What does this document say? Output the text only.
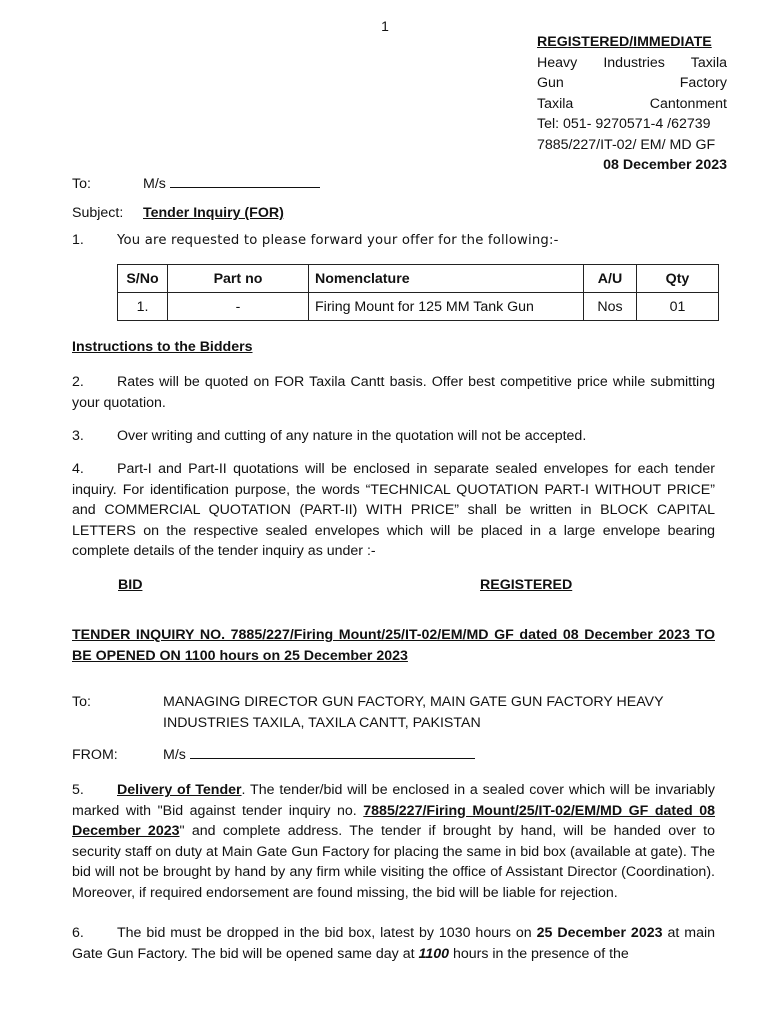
1
REGISTERED/IMMEDIATE
Heavy Industries Taxila
Gun Factory
Taxila Cantonment
Tel: 051- 9270571-4 /62739
7885/227/IT-02/ EM/ MD GF
08 December 2023
To:	M/s
Subject: Tender Inquiry (FOR)
1.	You are requested to please forward your offer for the following:-
S/No	Part no	Nomenclature	A/U	Qty
1.	-	Firing Mount for 125 MM Tank Gun	Nos	01
Instructions to the Bidders
2. Rates will be quoted on FOR Taxila Cantt basis. Offer best competitive price while submitting your quotation.
3. Over writing and cutting of any nature in the quotation will not be accepted.
4. Part-I and Part-II quotations will be enclosed in separate sealed envelopes for each tender inquiry. For identification purpose, the words “TECHNICAL QUOTATION PART-I WITHOUT PRICE” and COMMERCIAL QUOTATION (PART-II) WITH PRICE” shall be written in BLOCK CAPITAL LETTERS on the respective sealed envelopes which will be placed in a large envelope bearing complete details of the tender inquiry as under :-
BID	REGISTERED
TENDER INQUIRY NO. 7885/227/Firing Mount/25/IT-02/EM/MD GF dated 08 December 2023 TO BE OPENED ON 1100 hours on 25 December 2023
To:	MANAGING DIRECTOR GUN FACTORY, MAIN GATE GUN FACTORY HEAVY INDUSTRIES TAXILA, TAXILA CANTT, PAKISTAN
FROM:	M/s
5. Delivery of Tender. The tender/bid will be enclosed in a sealed cover which will be invariably marked with "Bid against tender inquiry no. 7885/227/Firing Mount/25/IT-02/EM/MD GF dated 08 December 2023" and complete address. The tender if brought by hand, will be handed over to security staff on duty at Main Gate Gun Factory for placing the same in bid box (available at gate). The bid will not be brought by hand by any firm while visiting the office of Assistant Director (Coordination). Moreover, if required endorsement are found missing, the bid will be liable for rejection.
6. The bid must be dropped in the bid box, latest by 1030 hours on 25 December 2023 at main Gate Gun Factory. The bid will be opened same day at 1100 hours in the presence of the
